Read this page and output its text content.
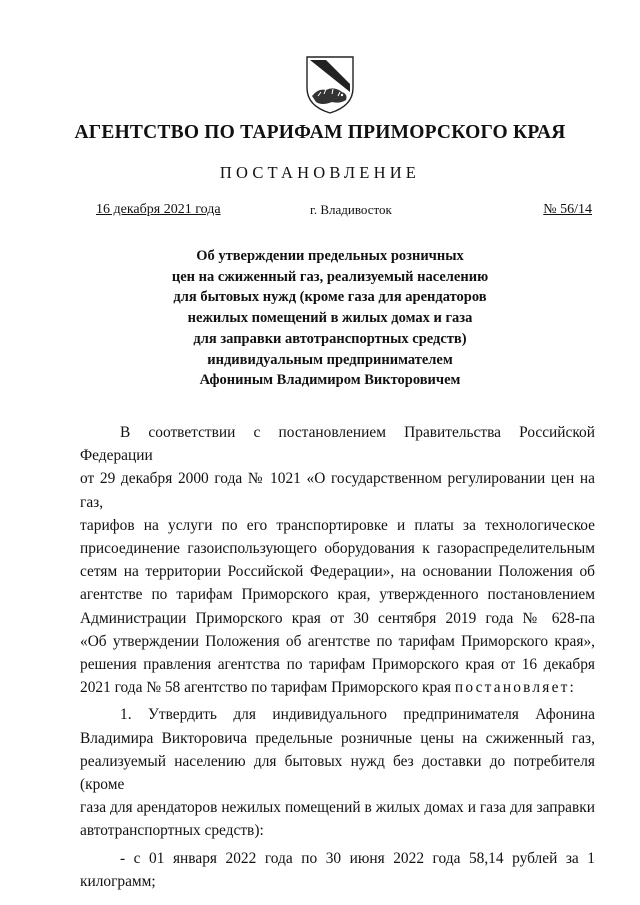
АГЕНТСТВО ПО ТАРИФАМ ПРИМОРСКОГО КРАЯ
ПОСТАНОВЛЕНИЕ
16 декабря 2021 года	г. Владивосток	№ 56/14
Об утверждении предельных розничных
цен на сжиженный газ, реализуемый населению
для бытовых нужд (кроме газа для арендаторов
нежилых помещений в жилых домах и газа
для заправки автотранспортных средств)
индивидуальным предпринимателем
Афониным Владимиром Викторовичем

В соответствии с постановлением Правительства Российской Федерации

от 29 декабря 2000 года № 1021 «О государственном регулировании цен на газ,

тарифов на услуги по его транспортировке и платы за технологическое

присоединение газоиспользующего оборудования к газораспределительным

сетям на территории Российской Федерации», на основании Положения об

агентстве по тарифам Приморского края, утвержденного постановлением

Администрации Приморского края от 30 сентября 2019 года № 628-па

«Об утверждении Положения об агентстве по тарифам Приморского края»,

решения правления агентства по тарифам Приморского края от 16 декабря

2021 года № 58 агентство по тарифам Приморского края постановляет:

1. Утвердить для индивидуального предпринимателя Афонина

Владимира Викторовича предельные розничные цены на сжиженный газ,

реализуемый населению для бытовых нужд без доставки до потребителя (кроме

газа для арендаторов нежилых помещений в жилых домах и газа для заправки

автотранспортных средств):

- с 01 января 2022 года по 30 июня 2022 года 58,14 рублей за 1

килограмм;
